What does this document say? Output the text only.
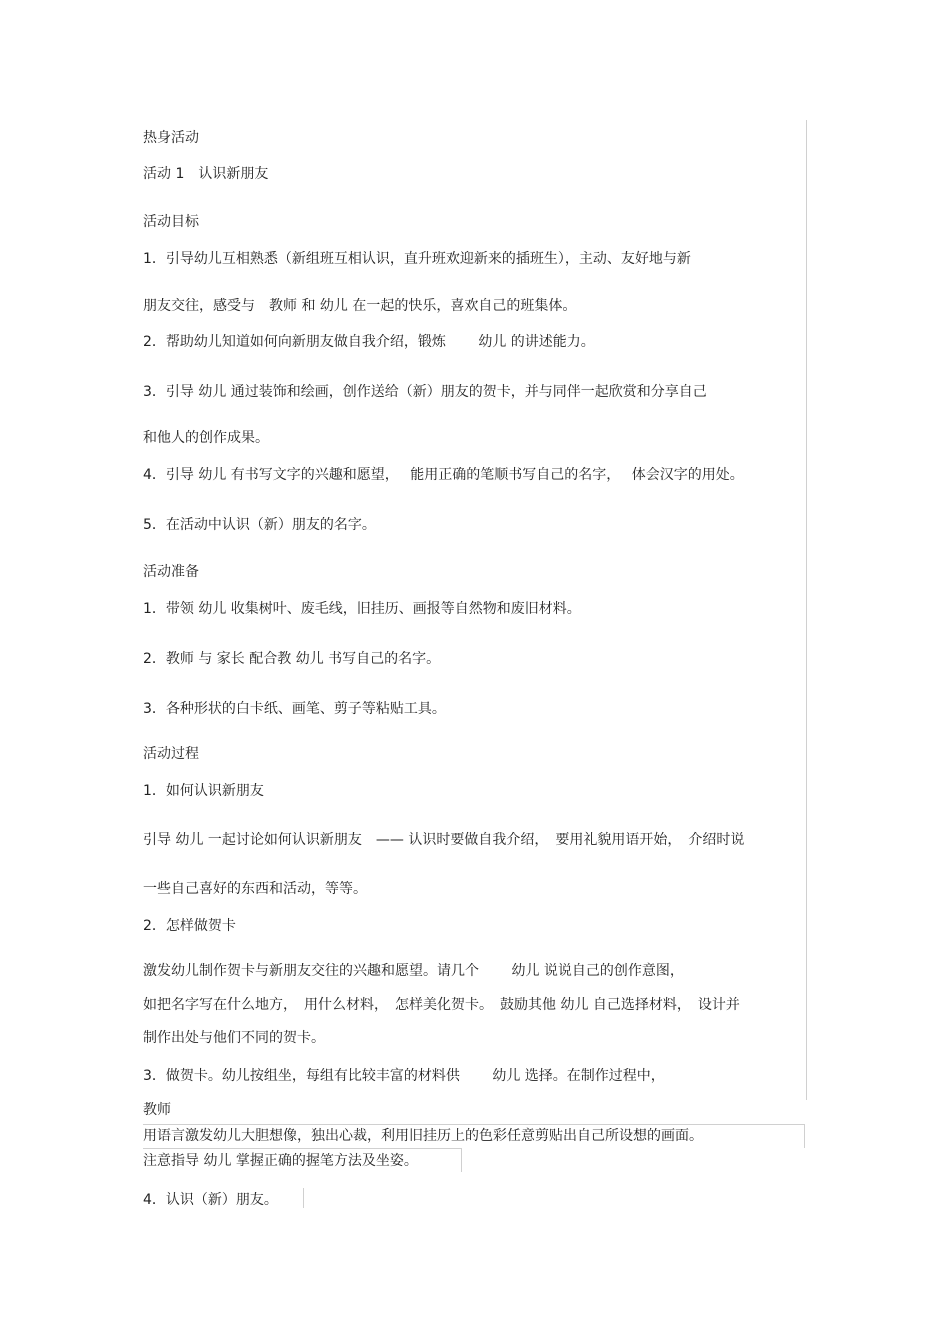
热身活动
活动 1　认识新朋友
活动目标
1．引导幼儿互相熟悉（新组班互相认识，直升班欢迎新来的插班生），主动、友好地与新
朋友交往，感受与　教师 和 幼儿 在一起的快乐，喜欢自己的班集体。
2．帮助幼儿知道如何向新朋友做自我介绍，锻炼　　 幼儿 的讲述能力。
3．引导 幼儿 通过装饰和绘画，创作送给（新）朋友的贺卡，并与同伴一起欣赏和分享自己
和他人的创作成果。
4．引导 幼儿 有书写文字的兴趣和愿望，　 能用正确的笔顺书写自己的名字，　 体会汉字的用处。
5．在活动中认识（新）朋友的名字。
活动准备
1．带领 幼儿 收集树叶、废毛线，旧挂历、画报等自然物和废旧材料。
2．教师 与 家长 配合教 幼儿 书写自己的名字。
3．各种形状的白卡纸、画笔、剪子等粘贴工具。
活动过程
1．如何认识新朋友
引导 幼儿 一起讨论如何认识新朋友　—— 认识时要做自我介绍，　要用礼貌用语开始，　介绍时说
一些自己喜好的东西和活动，等等。
2．怎样做贺卡
激发幼儿制作贺卡与新朋友交往的兴趣和愿望。请几个　　 幼儿 说说自己的创作意图，
如把名字写在什么地方，　用什么材料，　怎样美化贺卡。　鼓励其他 幼儿 自己选择材料，　设计并
制作出处与他们不同的贺卡。
3．做贺卡。幼儿按组坐，每组有比较丰富的材料供　　 幼儿 选择。在制作过程中，
教师
用语言激发幼儿大胆想像，独出心裁，利用旧挂历上的色彩任意剪贴出自己所设想的画面。
注意指导 幼儿 掌握正确的握笔方法及坐姿。
4．认识（新）朋友。
